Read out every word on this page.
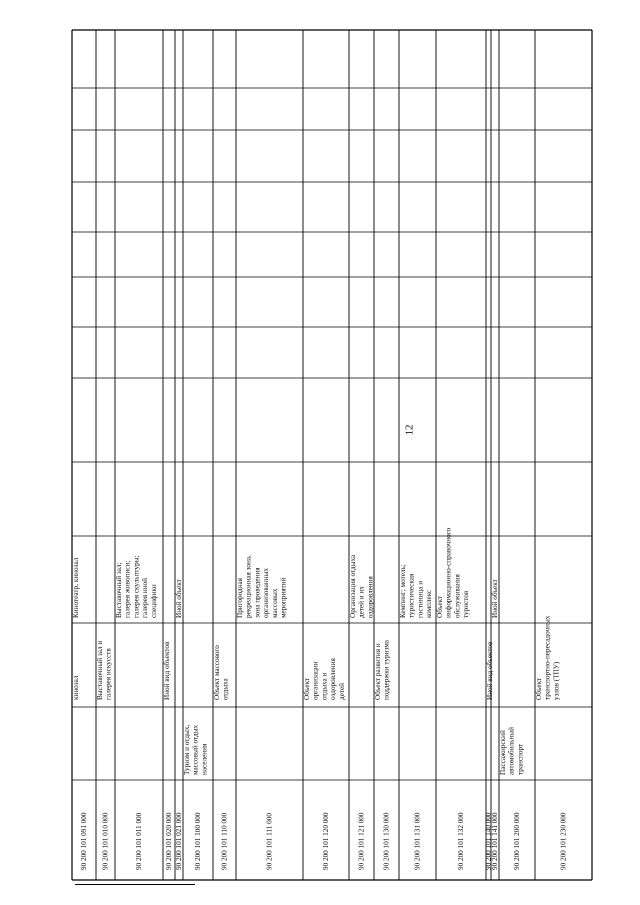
12
90 200 101 091 000
кинозал
Кинотеатр, кинозал
90 200 101 010 000
Выставочный зал и галерея искусств
90 200 101 011 000
Выставочный зал; галерея живописи; галерея скульптуры; галерея иной специфики
90 200 101 020 000
Иной вид объектов
90 200 101 021 000
Иной объект
90 200 101 100 000
Туризм и отдых, массовый отдых населения
90 200 101 110 000
Объект массового отдыха
90 200 101 111 000
Пригородная рекреационная зона, зона проведения организованных массовых мероприятий
90 200 101 120 000
Объект организации отдыха и оздоровления детей
90 200 101 121 000
Организация отдыха детей и их оздоровления
90 200 101 130 000
Объект развития и поддержки туризма
90 200 101 131 000
Кемпинг; мотель; туристическая гостиница и комплекс
90 200 101 132 000
Объект информационно-справочного обслуживания туристов
90 200 101 140 000
Иной вид объектов
90 200 101 141 000
Иной объект
90 200 101 200 000
Пассажирский автомобильный транспорт
90 200 101 230 000
Объект транспортно-пересадочных узлов (ТПУ)
